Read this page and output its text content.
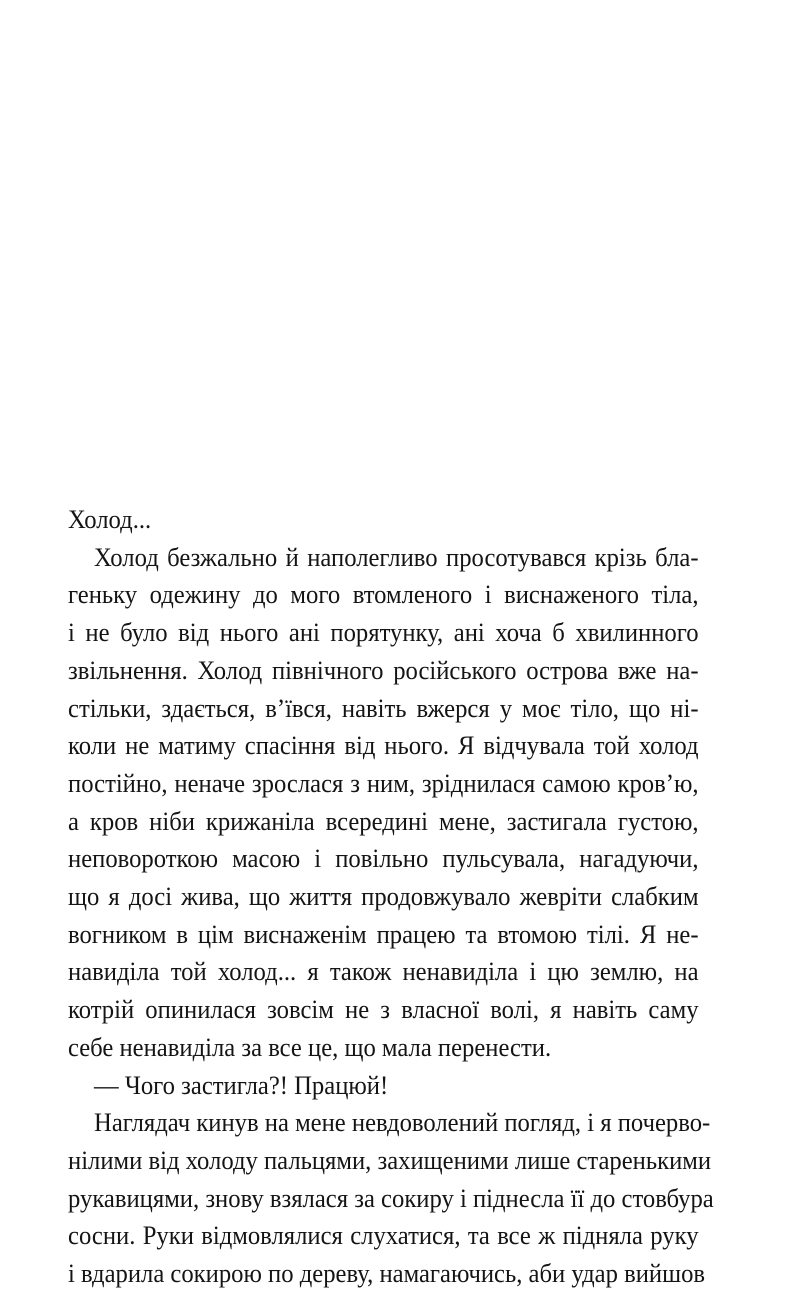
Холод...
Холод безжально й наполегливо просотувався крізь бла-
геньку одежину до мого втомленого і виснаженого тіла,
і не було від нього ані порятунку, ані хоча б хвилинного
звільнення. Холод північного російського острова вже на-
стільки, здається, в’ївся, навіть вжерся у моє тіло, що ні-
коли не матиму спасіння від нього. Я відчувала той холод
постійно, неначе зрослася з ним, зріднилася самою кров’ю,
а кров ніби крижаніла всередині мене, застигала густою,
неповороткою масою і повільно пульсувала, нагадуючи,
що я досі жива, що життя продовжувало жевріти слабким
вогником в цім виснаженім працею та втомою тілі. Я не-
навиділа той холод... я також ненавиділа і цю землю, на
котрій опинилася зовсім не з власної волі, я навіть саму
себе ненавиділа за все це, що мала перенести.
— Чого застигла?! Працюй!
Наглядач кинув на мене невдоволений погляд, і я почерво-
нілими від холоду пальцями, захищеними лише старенькими
рукавицями, знову взялася за сокиру і піднесла її до стовбура
сосни. Руки відмовлялися слухатися, та все ж підняла руку
і вдарила сокирою по дереву, намагаючись, аби удар вийшов
